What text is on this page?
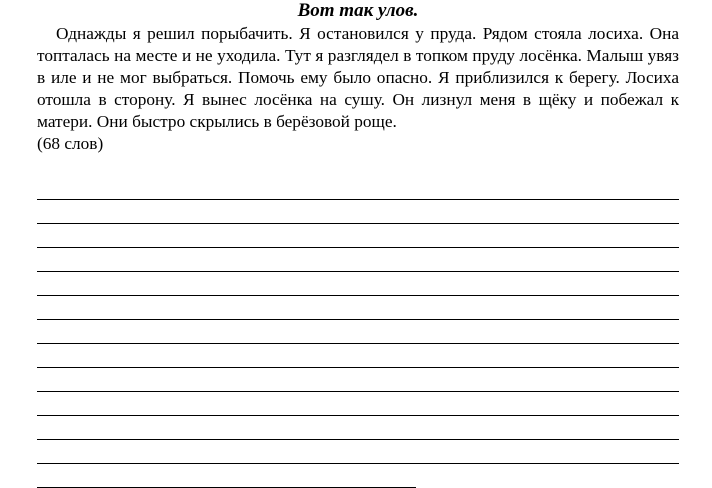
Вот так улов.

Однажды я решил порыбачить. Я остановился у пруда. Рядом стояла лосиха. Она топталась на месте и не уходила. Тут я разглядел в топком пруду лосёнка. Малыш увяз в иле и не мог выбраться. Помочь ему было опасно. Я приблизился к берегу. Лосиха отошла в сторону. Я вынес лосёнка на сушу. Он лизнул меня в щёку и побежал к матери. Они быстро скрылись в берёзовой роще.

(68 слов)
